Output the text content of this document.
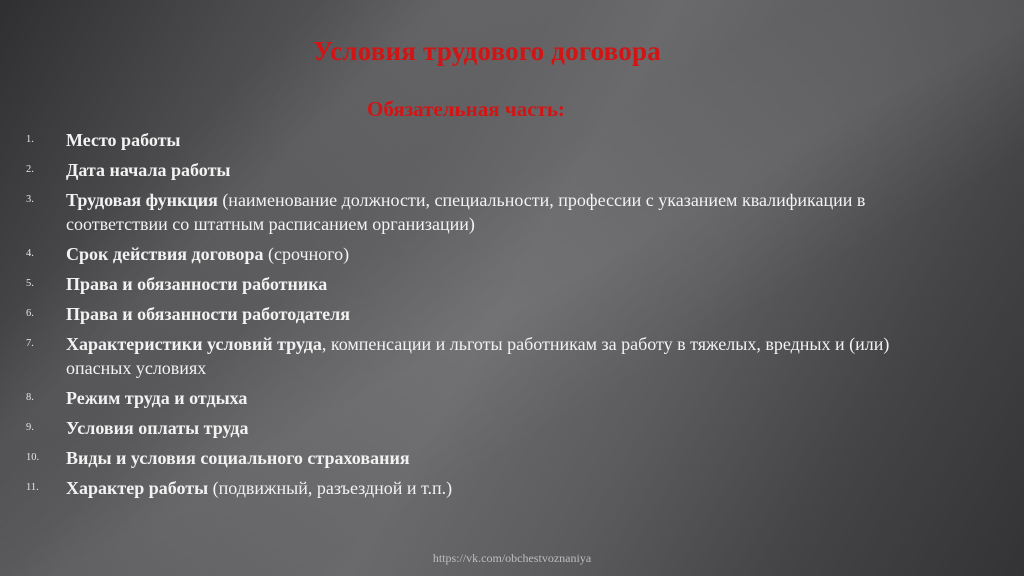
Условия трудового договора
Обязательная часть:
1. Место работы
2. Дата начала работы
3. Трудовая функция (наименование должности, специальности, профессии с указанием квалификации в соответствии со штатным расписанием организации)
4. Срок действия договора (срочного)
5. Права и обязанности работника
6. Права и обязанности работодателя
7. Характеристики условий труда, компенсации и льготы работникам за работу в тяжелых, вредных и (или) опасных условиях
8. Режим труда и отдыха
9. Условия оплаты труда
10. Виды и условия социального страхования
11. Характер работы (подвижный, разъездной и т.п.)
https://vk.com/obchestvoznaniya
